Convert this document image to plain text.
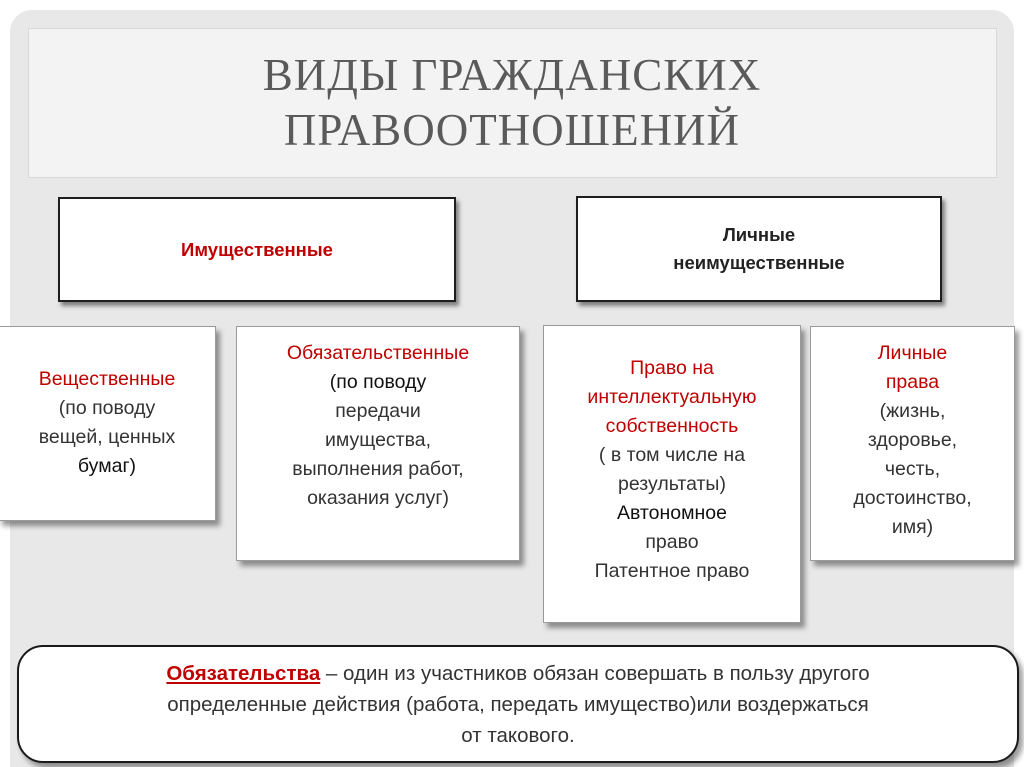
ВИДЫ ГРАЖДАНСКИХ
ПРАВООТНОШЕНИЙ
Имущественные
Личные
неимущественные
Вещественные
(по поводу
вещей, ценных
бумаг)
Обязательственные
(по поводу
передачи
имущества,
выполнения работ,
оказания услуг)
Право на
интеллектуальную
собственность
( в том числе на
результаты)
Автономное
право
Патентное право
Личные
права
(жизнь,
здоровье,
честь,
достоинство,
имя)
Обязательства – один из участников обязан совершать в пользу другого
определенные действия (работа, передать имущество)или воздержаться
от такового.
